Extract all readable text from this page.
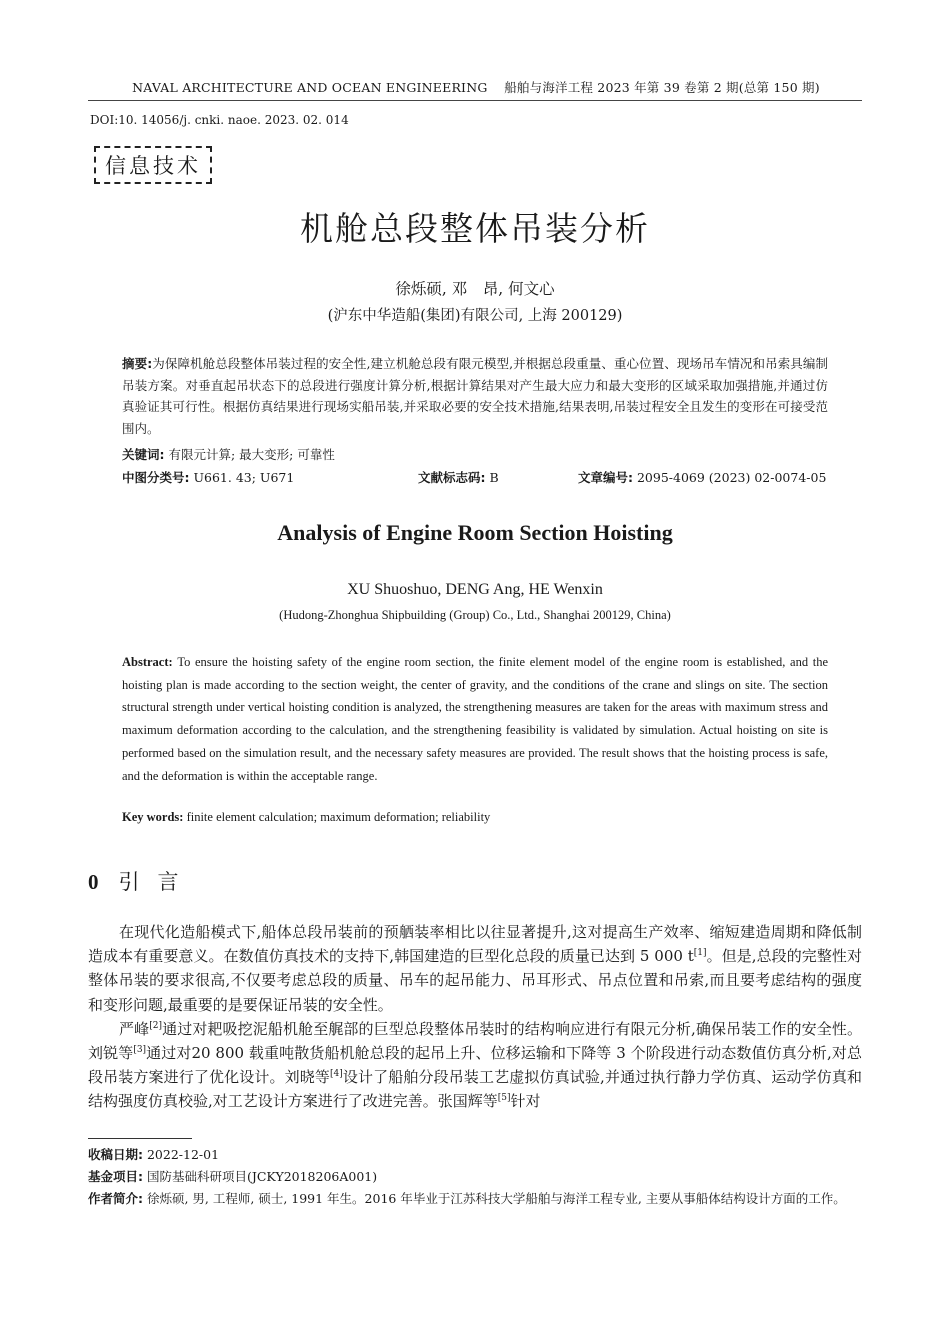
NAVAL ARCHITECTURE AND OCEAN ENGINEERING 船舶与海洋工程 2023 年第 39 卷第 2 期(总第 150 期)
DOI:10. 14056/j. cnki. naoe. 2023. 02. 014
信息技术
机舱总段整体吊装分析
徐烁硕, 邓　昂, 何文心
(沪东中华造船(集团)有限公司, 上海 200129)
摘要:为保障机舱总段整体吊装过程的安全性,建立机舱总段有限元模型,并根据总段重量、重心位置、现场吊车情况和吊索具编制吊装方案。对垂直起吊状态下的总段进行强度计算分析,根据计算结果对产生最大应力和最大变形的区域采取加强措施,并通过仿真验证其可行性。根据仿真结果进行现场实船吊装,并采取必要的安全技术措施,结果表明,吊装过程安全且发生的变形在可接受范围内。
关键词: 有限元计算; 最大变形; 可靠性
中图分类号: U661. 43; U671	文献标志码: B	文章编号: 2095-4069 (2023) 02-0074-05
Analysis of Engine Room Section Hoisting
XU Shuoshuo, DENG Ang, HE Wenxin
(Hudong-Zhonghua Shipbuilding (Group) Co., Ltd., Shanghai 200129, China)
Abstract: To ensure the hoisting safety of the engine room section, the finite element model of the engine room is established, and the hoisting plan is made according to the section weight, the center of gravity, and the conditions of the crane and slings on site. The section structural strength under vertical hoisting condition is analyzed, the strengthening measures are taken for the areas with maximum stress and maximum deformation according to the calculation, and the strengthening feasibility is validated by simulation. Actual hoisting on site is performed based on the simulation result, and the necessary safety measures are provided. The result shows that the hoisting process is safe, and the deformation is within the acceptable range.
Key words: finite element calculation; maximum deformation; reliability
0 引言

在现代化造船模式下,船体总段吊装前的预舾装率相比以往显著提升,这对提高生产效率、缩短建造周期和降低制造成本有重要意义。在数值仿真技术的支持下,韩国建造的巨型化总段的质量已达到 5 000 t[1]。但是,总段的完整性对整体吊装的要求很高,不仅要考虑总段的质量、吊车的起吊能力、吊耳形式、吊点位置和吊索,而且要考虑结构的强度和变形问题,最重要的是要保证吊装的安全性。

严峰[2]通过对耙吸挖泥船机舱至艉部的巨型总段整体吊装时的结构响应进行有限元分析,确保吊装工作的安全性。刘锐等[3]通过对20 800 载重吨散货船机舱总段的起吊上升、位移运输和下降等 3 个阶段进行动态数值仿真分析,对总段吊装方案进行了优化设计。刘晓等[4]设计了船舶分段吊装工艺虚拟仿真试验,并通过执行静力学仿真、运动学仿真和结构强度仿真校验,对工艺设计方案进行了改进完善。张国辉等[5]针对

收稿日期:
2022-12-01
基金项目:
国防基础科研项目(JCKY2018206A001)
作者简介:
徐烁硕, 男, 工程师, 硕士, 1991 年生。2016 年毕业于江苏科技大学船舶与海洋工程专业, 主要从事船体结构设计方面的工作。
